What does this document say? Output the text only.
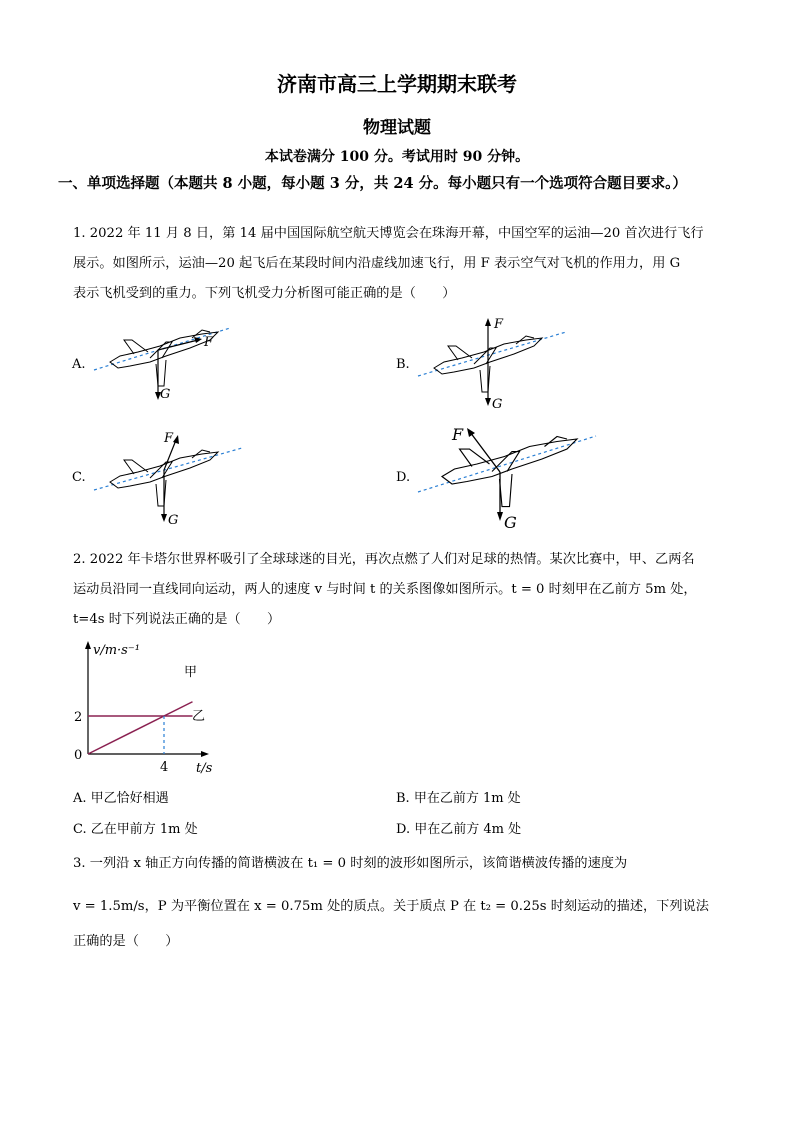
济南市高三上学期期末联考
物理试题
本试卷满分 100 分。考试用时 90 分钟。
一、单项选择题（本题共 8 小题，每小题 3 分，共 24 分。每小题只有一个选项符合题目要求。）
1. 2022 年 11 月 8 日，第 14 届中国国际航空航天博览会在珠海开幕，中国空军的运油—20 首次进行飞行
展示。如图所示，运油—20 起飞后在某段时间内沿虚线加速飞行，用 F 表示空气对飞机的作用力，用 G
表示飞机受到的重力。下列飞机受力分析图可能正确的是（　　）
A.
F
G
B.
F
G
C.
F
G
D.
F
G
2. 2022 年卡塔尔世界杯吸引了全球球迷的目光，再次点燃了人们对足球的热情。某次比赛中，甲、乙两名
运动员沿同一直线同向运动，两人的速度 v 与时间 t 的关系图像如图所示。t = 0 时刻甲在乙前方 5m 处，
t=4s 时下列说法正确的是（　　）
v/m·s⁻¹
t/s
0
2
4
甲
乙
A. 甲乙恰好相遇	B. 甲在乙前方 1m 处
C. 乙在甲前方 1m 处	D. 甲在乙前方 4m 处
3. 一列沿 x 轴正方向传播的简谐横波在 t₁ = 0 时刻的波形如图所示，该简谐横波传播的速度为
v = 1.5m/s，P 为平衡位置在 x = 0.75m 处的质点。关于质点 P 在 t₂ = 0.25s 时刻运动的描述，下列说法
正确的是（　　）
